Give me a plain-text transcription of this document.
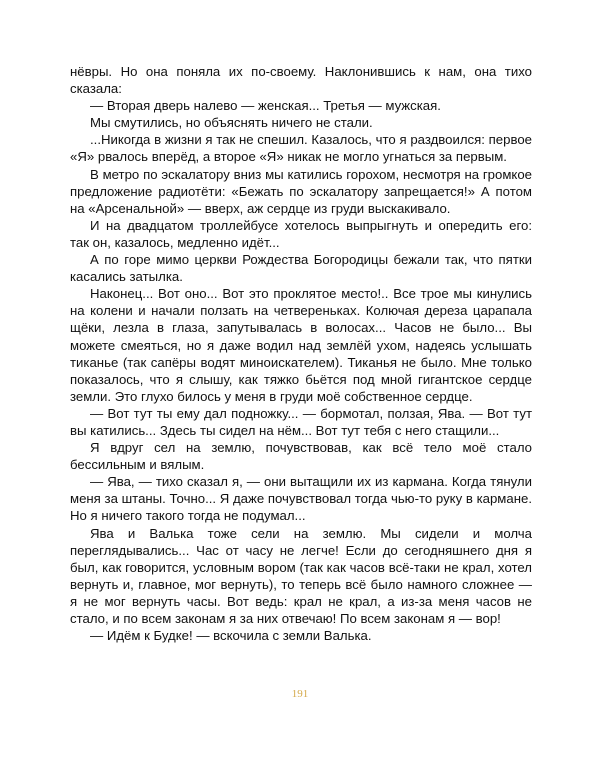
нёвры. Но она поняла их по-своему. Наклонившись к нам, она тихо сказала:

— Вторая дверь налево — женская... Третья — мужская.

Мы смутились, но объяснять ничего не стали.

...Никогда в жизни я так не спешил. Казалось, что я раздвоился: первое «Я» рвалось вперёд, а второе «Я» никак не могло угнаться за первым.

В метро по эскалатору вниз мы катились горохом, несмотря на громкое предложение радиотёти: «Бежать по эскалатору запрещается!» А потом на «Арсенальной» — вверх, аж сердце из груди выскакивало.

И на двадцатом троллейбусе хотелось выпрыгнуть и опередить его: так он, казалось, медленно идёт...

А по горе мимо церкви Рождества Богородицы бежали так, что пятки касались затылка.

Наконец... Вот оно... Вот это проклятое место!.. Все трое мы кинулись на колени и начали ползать на четвереньках. Колючая дереза царапала щёки, лезла в глаза, запутывалась в волосах... Часов не было... Вы можете смеяться, но я даже водил над землёй ухом, надеясь услышать тиканье (так сапёры водят миноискателем). Тиканья не было. Мне только показалось, что я слышу, как тяжко бьётся под мной гигантское сердце земли. Это глухо билось у меня в груди моё собственное сердце.

— Вот тут ты ему дал подножку... — бормотал, ползая, Ява. — Вот тут вы катились... Здесь ты сидел на нём... Вот тут тебя с него стащили...

Я вдруг сел на землю, почувствовав, как всё тело моё стало бессильным и вялым.

— Ява, — тихо сказал я, — они вытащили их из кармана. Когда тянули меня за штаны. Точно... Я даже почувствовал тогда чью-то руку в кармане. Но я ничего такого тогда не подумал...

Ява и Валька тоже сели на землю. Мы сидели и молча переглядывались... Час от часу не легче! Если до сегодняшнего дня я был, как говорится, условным вором (так как часов всё-таки не крал, хотел вернуть и, главное, мог вернуть), то теперь всё было намного сложнее — я не мог вернуть часы. Вот ведь: крал не крал, а из-за меня часов не стало, и по всем законам я за них отвечаю! По всем законам я — вор!

— Идём к Будке! — вскочила с земли Валька.

191
